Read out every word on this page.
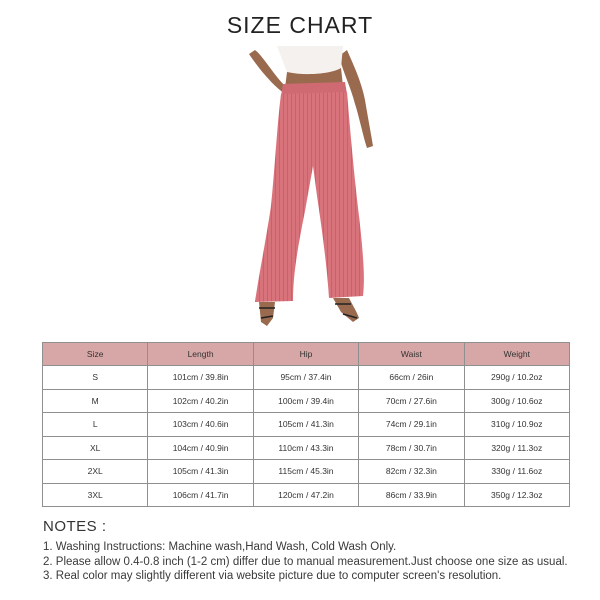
SIZE CHART
Size	Length	Hip	Waist	Weight
S	101cm / 39.8in	95cm / 37.4in	66cm / 26in	290g / 10.2oz
M	102cm / 40.2in	100cm / 39.4in	70cm / 27.6in	300g / 10.6oz
L	103cm / 40.6in	105cm / 41.3in	74cm / 29.1in	310g / 10.9oz
XL	104cm / 40.9in	110cm / 43.3in	78cm / 30.7in	320g / 11.3oz
2XL	105cm / 41.3in	115cm / 45.3in	82cm / 32.3in	330g / 11.6oz
3XL	106cm / 41.7in	120cm / 47.2in	86cm / 33.9in	350g / 12.3oz
NOTES :
1. Washing Instructions: Machine wash,Hand Wash, Cold Wash Only.
2. Please allow 0.4-0.8 inch (1-2 cm) differ due to manual measurement.Just choose one size as usual.
3. Real color may slightly different via website picture due to computer screen's resolution.
